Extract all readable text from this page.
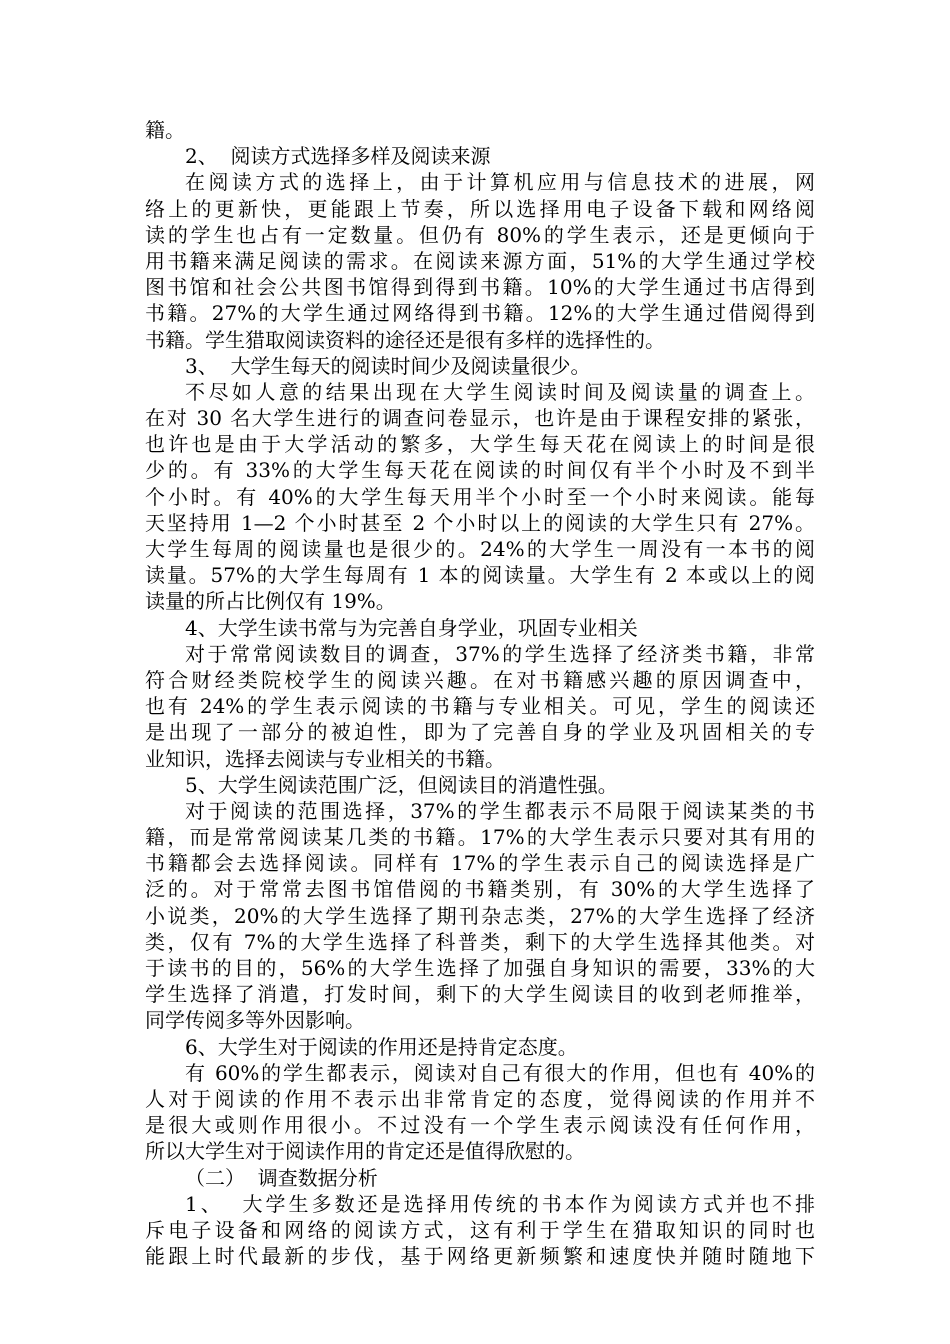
籍。
2、  阅读方式选择多样及阅读来源
在阅读方式的选择上，由于计算机应用与信息技术的进展，网
络上的更新快，更能跟上节奏，所以选择用电子设备下载和网络阅
读的学生也占有一定数量。但仍有 80%的学生表示，还是更倾向于
用书籍来满足阅读的需求。在阅读来源方面，51%的大学生通过学校
图书馆和社会公共图书馆得到得到书籍。10%的大学生通过书店得到
书籍。27%的大学生通过网络得到书籍。12%的大学生通过借阅得到
书籍。学生猎取阅读资料的途径还是很有多样的选择性的。
3、  大学生每天的阅读时间少及阅读量很少。
不尽如人意的结果出现在大学生阅读时间及阅读量的调查上。
在对 30 名大学生进行的调查问卷显示，也许是由于课程安排的紧张，
也许也是由于大学活动的繁多，大学生每天花在阅读上的时间是很
少的。有 33%的大学生每天花在阅读的时间仅有半个小时及不到半
个小时。有 40%的大学生每天用半个小时至一个小时来阅读。能每
天坚持用 1—2 个小时甚至 2 个小时以上的阅读的大学生只有 27%。
大学生每周的阅读量也是很少的。24%的大学生一周没有一本书的阅
读量。57%的大学生每周有 1 本的阅读量。大学生有 2 本或以上的阅
读量的所占比例仅有 19%。
4、大学生读书常与为完善自身学业，巩固专业相关
对于常常阅读数目的调查，37%的学生选择了经济类书籍，非常
符合财经类院校学生的阅读兴趣。在对书籍感兴趣的原因调查中，
也有 24%的学生表示阅读的书籍与专业相关。可见，学生的阅读还
是出现了一部分的被迫性，即为了完善自身的学业及巩固相关的专
业知识，选择去阅读与专业相关的书籍。
5、大学生阅读范围广泛，但阅读目的消遣性强。
对于阅读的范围选择，37%的学生都表示不局限于阅读某类的书
籍，而是常常阅读某几类的书籍。17%的大学生表示只要对其有用的
书籍都会去选择阅读。同样有 17%的学生表示自己的阅读选择是广
泛的。对于常常去图书馆借阅的书籍类别，有 30%的大学生选择了
小说类，20%的大学生选择了期刊杂志类，27%的大学生选择了经济
类，仅有 7%的大学生选择了科普类，剩下的大学生选择其他类。对
于读书的目的，56%的大学生选择了加强自身知识的需要，33%的大
学生选择了消遣，打发时间，剩下的大学生阅读目的收到老师推举，
同学传阅多等外因影响。
6、大学生对于阅读的作用还是持肯定态度。
有 60%的学生都表示，阅读对自己有很大的作用，但也有 40%的
人对于阅读的作用不表示出非常肯定的态度，觉得阅读的作用并不
是很大或则作用很小。不过没有一个学生表示阅读没有任何作用，
所以大学生对于阅读作用的肯定还是值得欣慰的。
（二）  调查数据分析
1、  大学生多数还是选择用传统的书本作为阅读方式并也不排
斥电子设备和网络的阅读方式，这有利于学生在猎取知识的同时也
能跟上时代最新的步伐，基于网络更新频繁和速度快并随时随地下
